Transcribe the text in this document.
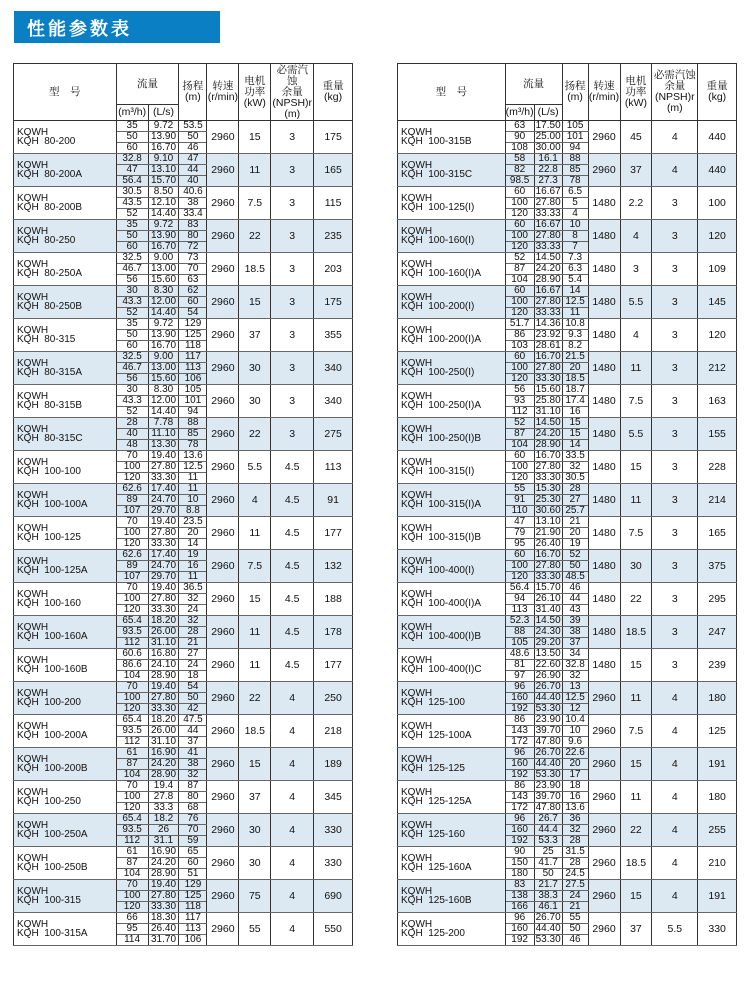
性能参数表
型　号	流量		扬程
(m)	转速
(r/min)	电机
功率
(kW)	必需汽蚀
余量
(NPSH)r
(m)	重量
(kg)
	(m³/h)	(L/s)					

KQWH
KQH  80-200	35	9.72	53.5	2960	15	3	175
	50	13.90	50				
	60	16.70	46				

KQWH
KQH  80-200A	32.8	9.10	47	2960	11	3	165
	47	13.10	44				
	56.4	15.70	40				

KQWH
KQH  80-200B	30.5	8.50	40.6	2960	7.5	3	115
	43.5	12.10	38				
	52	14.40	33.4				

KQWH
KQH  80-250	35	9.72	83	2960	22	3	235
	50	13.90	80				
	60	16.70	72				

KQWH
KQH  80-250A	32.5	9.00	73	2960	18.5	3	203
	46.7	13.00	70				
	56	15.60	63				

KQWH
KQH  80-250B	30	8.30	62	2960	15	3	175
	43.3	12.00	60				
	52	14.40	54				

KQWH
KQH  80-315	35	9.72	129	2960	37	3	355
	50	13.90	125				
	60	16.70	118				

KQWH
KQH  80-315A	32.5	9.00	117	2960	30	3	340
	46.7	13.00	113				
	56	15.60	106				

KQWH
KQH  80-315B	30	8.30	105	2960	30	3	340
	43.3	12.00	101				
	52	14.40	94				

KQWH
KQH  80-315C	28	7.78	88	2960	22	3	275
	40	11.10	85				
	48	13.30	78				

KQWH
KQH  100-100	70	19.40	13.6	2960	5.5	4.5	113
	100	27.80	12.5				
	120	33.30	11				

KQWH
KQH  100-100A	62.6	17.40	11	2960	4	4.5	91
	89	24.70	10				
	107	29.70	8.8				

KQWH
KQH  100-125	70	19.40	23.5	2960	11	4.5	177
	100	27.80	20				
	120	33.30	14				

KQWH
KQH  100-125A	62.6	17.40	19	2960	7.5	4.5	132
	89	24.70	16				
	107	29.70	11				

KQWH
KQH  100-160	70	19.40	36.5	2960	15	4.5	188
	100	27.80	32				
	120	33.30	24				

KQWH
KQH  100-160A	65.4	18.20	32	2960	11	4.5	178
	93.5	26.00	28				
	112	31.10	21				

KQWH
KQH  100-160B	60.6	16.80	27	2960	11	4.5	177
	86.6	24.10	24				
	104	28.90	18				

KQWH
KQH  100-200	70	19.40	54	2960	22	4	250
	100	27.80	50				
	120	33.30	42				

KQWH
KQH  100-200A	65.4	18.20	47.5	2960	18.5	4	218
	93.5	26.00	44				
	112	31.10	37				

KQWH
KQH  100-200B	61	16.90	41	2960	15	4	189
	87	24.20	38				
	104	28.90	32				

KQWH
KQH  100-250	70	19.4	87	2960	37	4	345
	100	27.8	80				
	120	33.3	68				

KQWH
KQH  100-250A	65.4	18.2	76	2960	30	4	330
	93.5	26	70				
	112	31.1	59				

KQWH
KQH  100-250B	61	16.90	65	2960	30	4	330
	87	24.20	60				
	104	28.90	51				

KQWH
KQH  100-315	70	19.40	129	2960	75	4	690
	100	27.80	125				
	120	33.30	118				

KQWH
KQH  100-315A	66	18.30	117	2960	55	4	550
	95	26.40	113				
	114	31.70	106				
型　号	流量		扬程
(m)	转速
(r/min)	电机
功率
(kW)	必需汽蚀
余量
(NPSH)r
(m)	重量
(kg)
	(m³/h)	(L/s)					

KQWH
KQH  100-315B	63	17.50	105	2960	45	4	440
	90	25.00	101				
	108	30.00	94				

KQWH
KQH  100-315C	58	16.1	88	2960	37	4	440
	82	22.8	85				
	98.5	27.3	78				

KQWH
KQH  100-125(I)	60	16.67	6.5	1480	2.2	3	100
	100	27.80	5				
	120	33.33	4				

KQWH
KQH  100-160(I)	60	16.67	10	1480	4	3	120
	100	27.80	8				
	120	33.33	7				

KQWH
KQH  100-160(I)A	52	14.50	7.3	1480	3	3	109
	87	24.20	6.3				
	104	28.90	5.4				

KQWH
KQH  100-200(I)	60	16.67	14	1480	5.5	3	145
	100	27.80	12.5				
	120	33.33	11				

KQWH
KQH  100-200(I)A	51.7	14.36	10.8	1480	4	3	120
	86	23.92	9.3				
	103	28.61	8.2				

KQWH
KQH  100-250(I)	60	16.70	21.5	1480	11	3	212
	100	27.80	20				
	120	33.30	18.5				

KQWH
KQH  100-250(I)A	56	15.60	18.7	1480	7.5	3	163
	93	25.80	17.4				
	112	31.10	16				

KQWH
KQH  100-250(I)B	52	14.50	15	1480	5.5	3	155
	87	24.20	15				
	104	28.90	14				

KQWH
KQH  100-315(I)	60	16.70	33.5	1480	15	3	228
	100	27.80	32				
	120	33.30	30.5				

KQWH
KQH  100-315(I)A	55	15.30	28	1480	11	3	214
	91	25.30	27				
	110	30.60	25.7				

KQWH
KQH  100-315(I)B	47	13.10	21	1480	7.5	3	165
	79	21.90	20				
	95	26.40	19				

KQWH
KQH  100-400(I)	60	16.70	52	1480	30	3	375
	100	27.80	50				
	120	33.30	48.5				

KQWH
KQH  100-400(I)A	56.4	15.70	46	1480	22	3	295
	94	26.10	44				
	113	31.40	43				

KQWH
KQH  100-400(I)B	52.3	14.50	39	1480	18.5	3	247
	88	24.30	38				
	105	29.20	37				

KQWH
KQH  100-400(I)C	48.6	13.50	34	1480	15	3	239
	81	22.60	32.8				
	97	26.90	32				

KQWH
KQH  125-100	96	26.70	13	2960	11	4	180
	160	44.40	12.5				
	192	53.30	12				

KQWH
KQH  125-100A	86	23.90	10.4	2960	7.5	4	125
	143	39.70	10				
	172	47.80	9.6				

KQWH
KQH  125-125	96	26.70	22.6	2960	15	4	191
	160	44.40	20				
	192	53.30	17				

KQWH
KQH  125-125A	86	23.90	18	2960	11	4	180
	143	39.70	16				
	172	47.80	13.6				

KQWH
KQH  125-160	96	26.7	36	2960	22	4	255
	160	44.4	32				
	192	53.3	28				

KQWH
KQH  125-160A	90	25	31.5	2960	18.5	4	210
	150	41.7	28				
	180	50	24.5				

KQWH
KQH  125-160B	83	21.7	27.5	2960	15	4	191
	138	38.3	24				
	166	46.1	21				

KQWH
KQH  125-200	96	26.70	55	2960	37	5.5	330
	160	44.40	50				
	192	53.30	46				
